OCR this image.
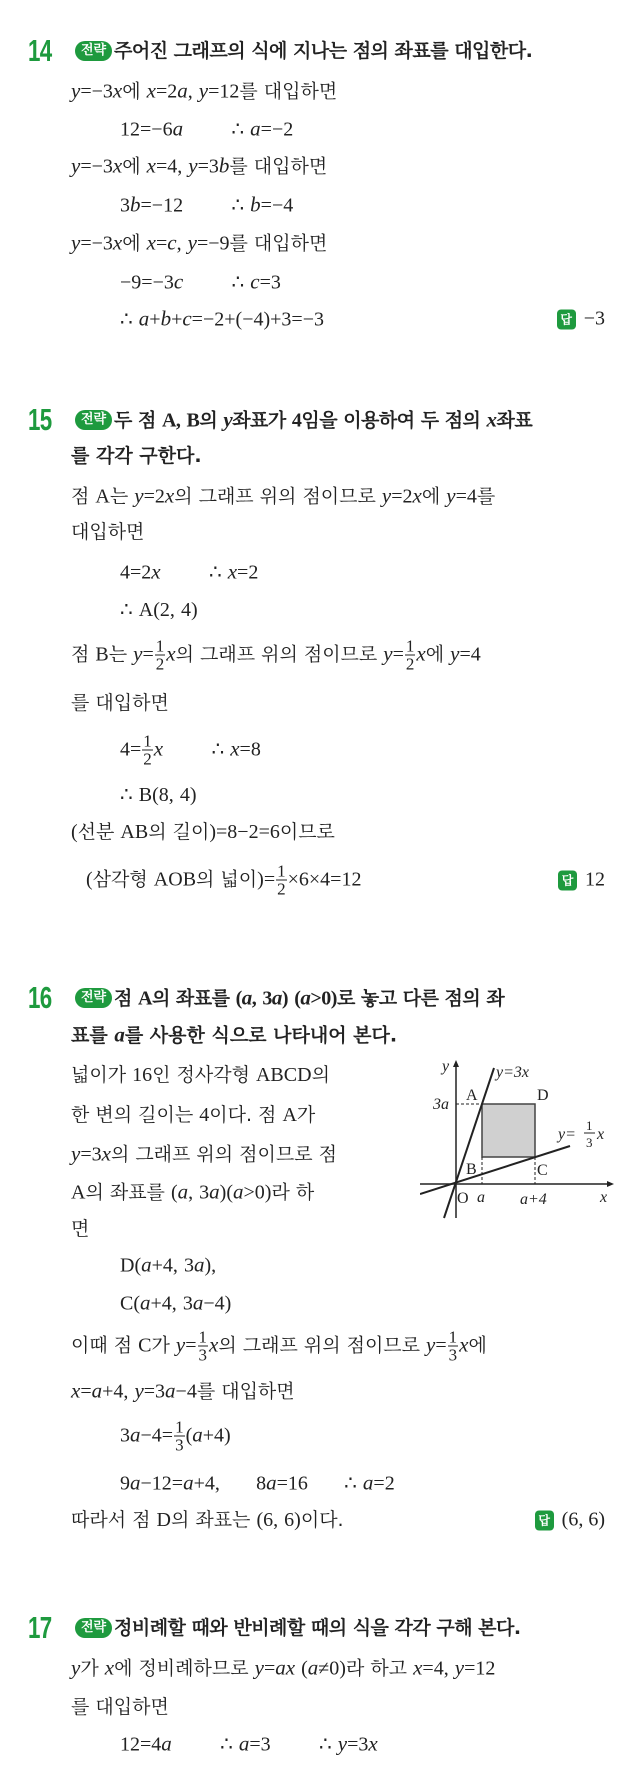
14	전략 주어진 그래프의 식에 지나는 점의 좌표를 대입한다.
y=−3x에 x=2a, y=12를 대입하면
12=−6a ∴ a=−2
y=−3x에 x=4, y=3b를 대입하면
3b=−12 ∴ b=−4
y=−3x에 x=c, y=−9를 대입하면
−9=−3c ∴ c=3
∴ a+b+c=−2+(−4)+3=−3	답 −3
15	전략 두 점 A, B의 y좌표가 4임을 이용하여 두 점의 x좌표
를 각각 구한다.
점 A는 y=2x의 그래프 위의 점이므로 y=2x에 y=4를
대입하면
4=2x ∴ x=2
∴ A(2, 4)
점 B는 $y= \frac{1}{2}$ x의 그래프 위의 점이므로 $y= \frac{1}{2}$ x에 y=4
를 대입하면
$4= \frac{1}{2}$ x ∴ x=8
∴ B(8, 4)
(선분 AB의 길이)=8−2=6이므로
(삼각형 AOB의 넓이)= $\frac{1}{2} \times 6\times 4=12$	답 12
16	전략 점 A의 좌표를 (a, 3a) (a>0)로 놓고 다른 점의 좌
표를 a를 사용한 식으로 나타내어 본다.
넓이가 16인 정사각형 ABCD의
한 변의 길이는 4이다. 점 A가
y=3x의 그래프 위의 점이므로 점
A의 좌표를 (a, 3a)(a>0)라 하
면
D(a+4, 3a),
C(a+4, 3a−4)
이때 점 C가 $y= \frac{1}{3}$ x의 그래프 위의 점이므로 $y= \frac{1}{3}$ x에
x=a+4, y=3a−4를 대입하면
$3a-4= \frac{1}{3} (a+4)$
9a−12=a+4, 8a=16 ∴ a=2
따라서 점 D의 좌표는 (6, 6)이다.	답 (6, 6)
y
x
O
A
B	C
D
y=3x
y=
1
3 x
3a
a a+4
17	전략 정비례할 때와 반비례할 때의 식을 각각 구해 본다.
y가 x에 정비례하므로 y=ax (a≠0)라 하고 x=4, y=12
를 대입하면
12=4a ∴ a=3 ∴ y=3x
